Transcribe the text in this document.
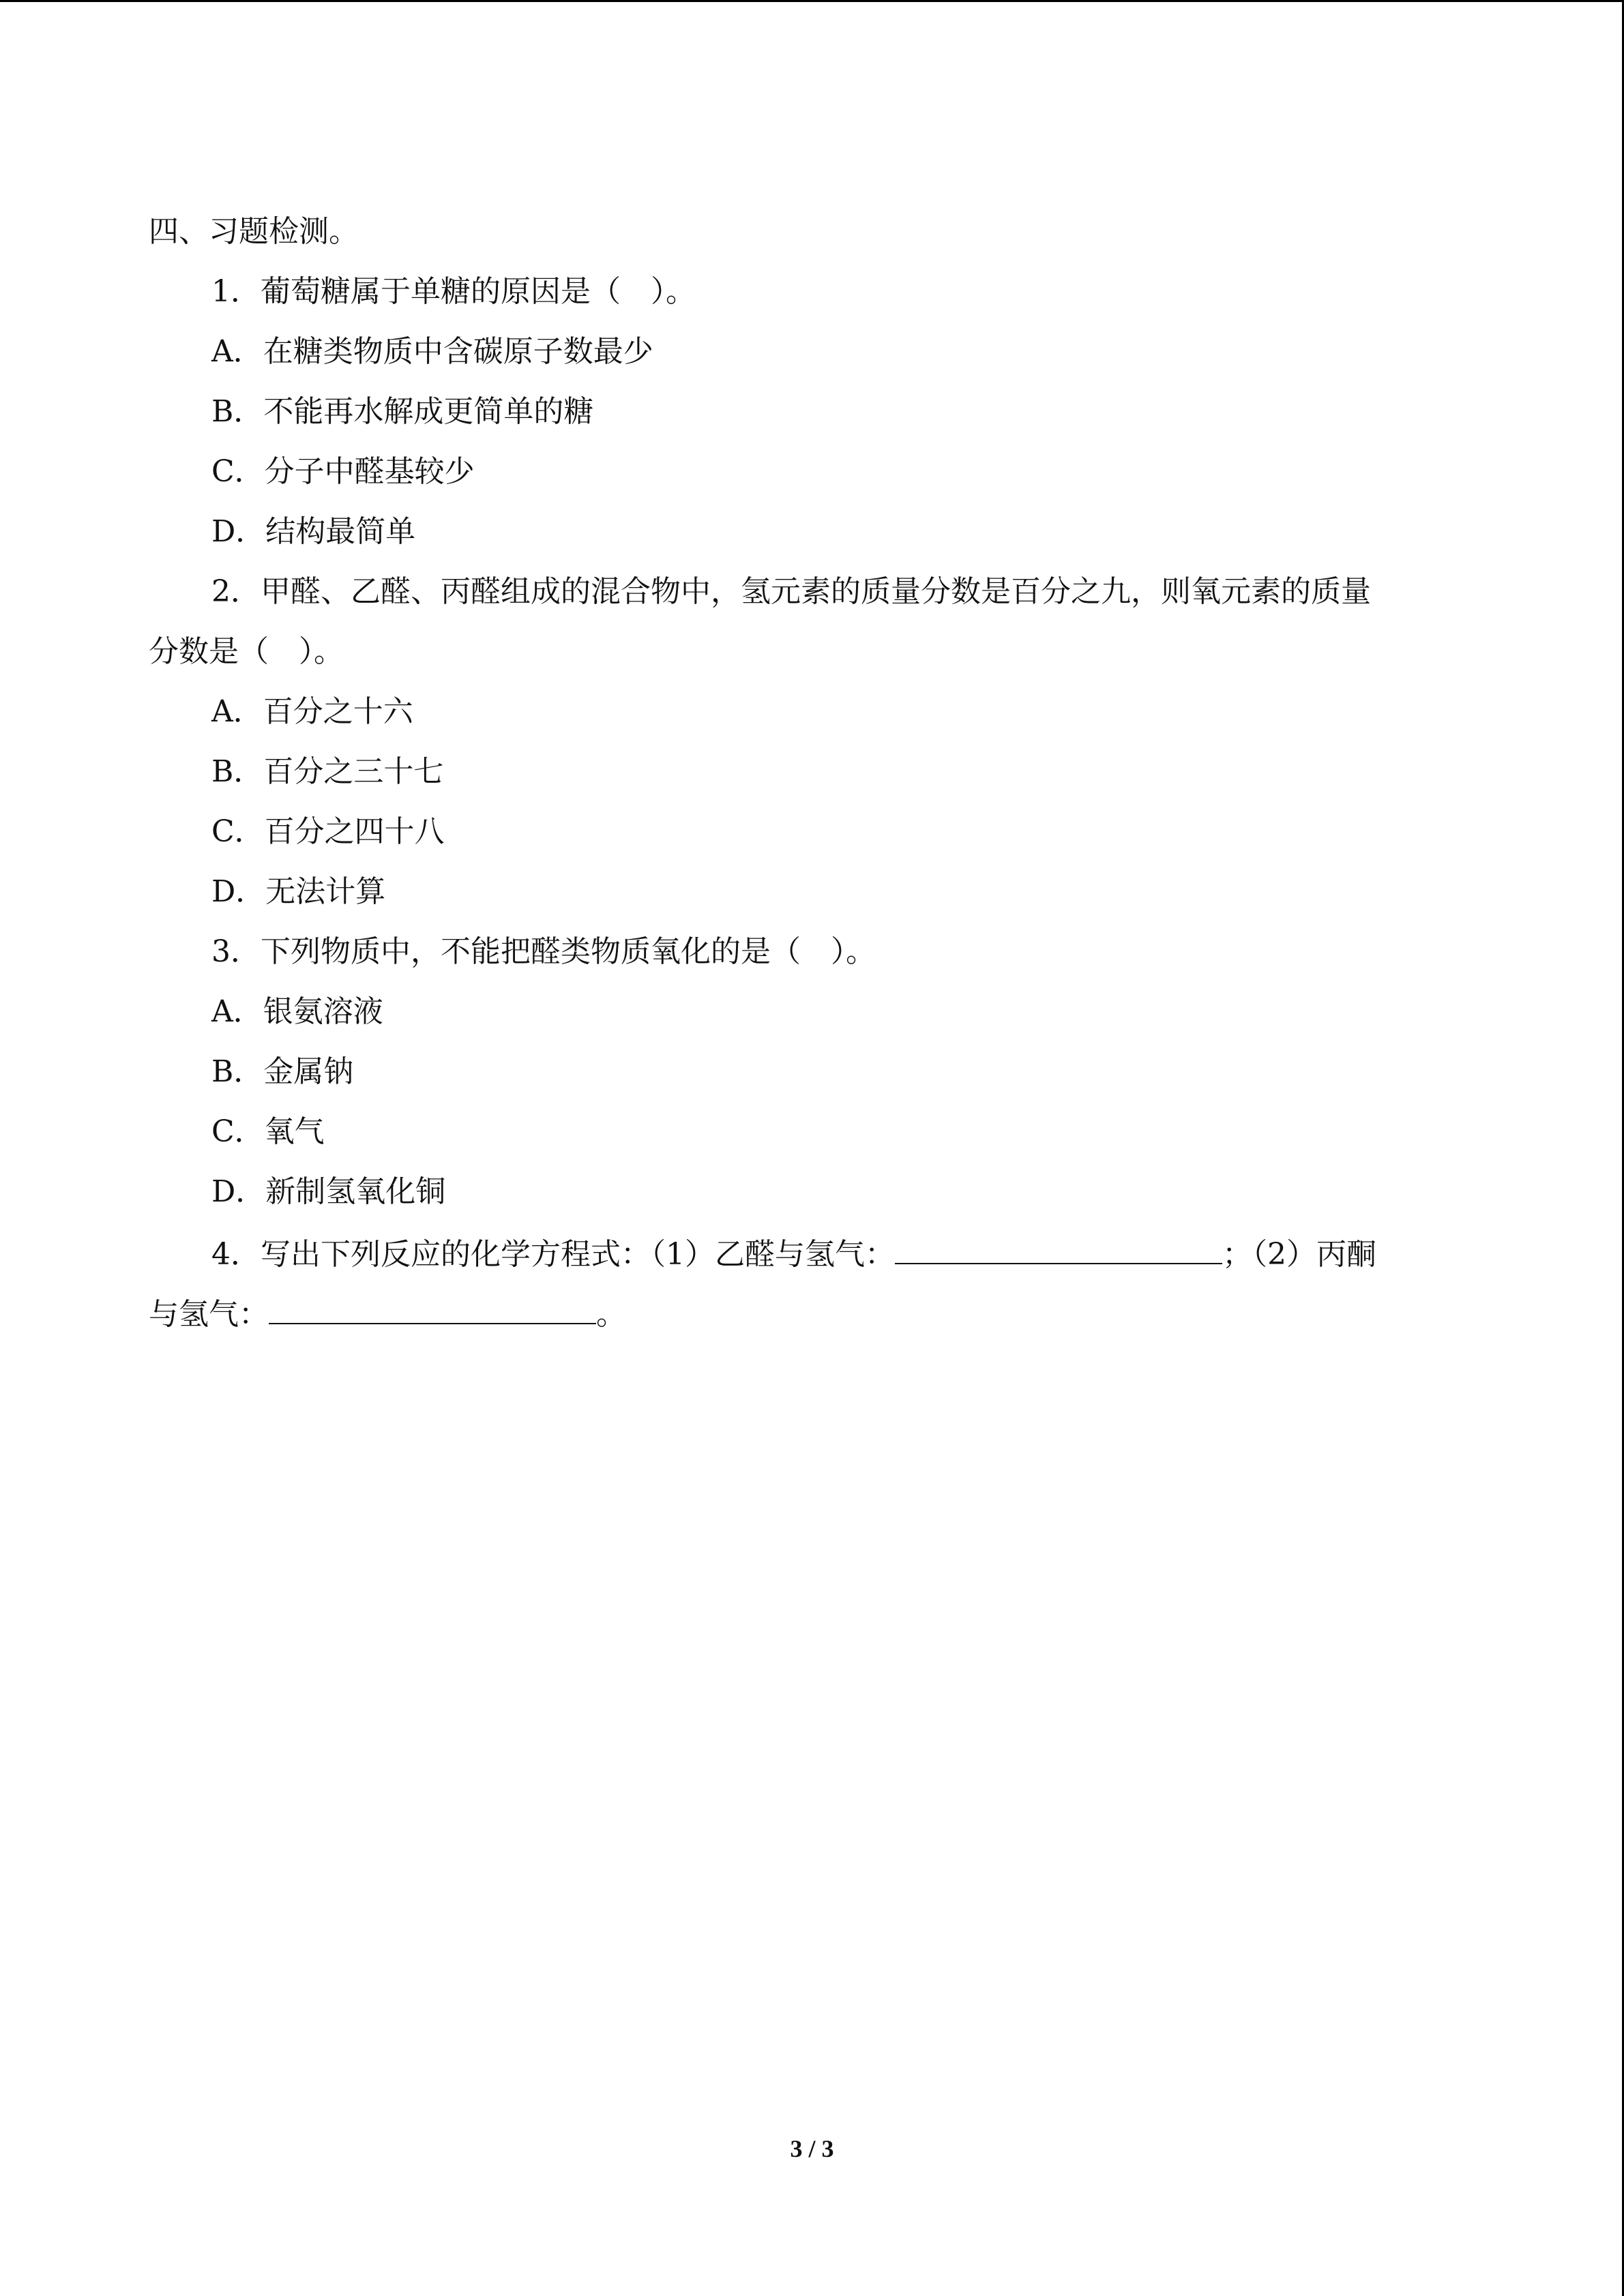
四、习题检测。
1．葡萄糖属于单糖的原因是（　）。
A．在糖类物质中含碳原子数最少
B．不能再水解成更简单的糖
C．分子中醛基较少
D．结构最简单
2．甲醛、乙醛、丙醛组成的混合物中，氢元素的质量分数是百分之九，则氧元素的质量
分数是（　）。
A．百分之十六
B．百分之三十七
C．百分之四十八
D．无法计算
3．下列物质中，不能把醛类物质氧化的是（　）。
A．银氨溶液
B．金属钠
C．氧气
D．新制氢氧化铜
4．写出下列反应的化学方程式：（1）乙醛与氢气：	；（2）丙酮
与氢气：	。
3 / 3
